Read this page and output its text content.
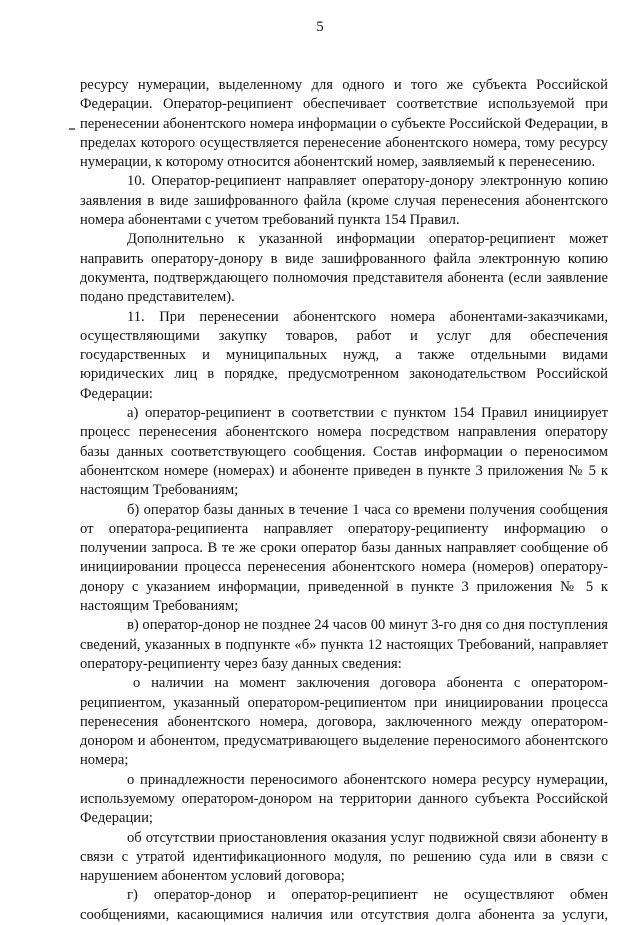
5

ресурсу нумерации, выделенному для одного и того же субъекта Российской Федерации. Оператор-реципиент обеспечивает соответствие используемой при перенесении абонентского номера информации о субъекте Российской Федерации, в пределах которого осуществляется перенесение абонентского номера, тому ресурсу нумерации, к которому относится абонентский номер, заявляемый к перенесению.

10. Оператор-реципиент направляет оператору-донору электронную копию заявления в виде зашифрованного файла (кроме случая перенесения абонентского номера абонентами с учетом требований пункта 154 Правил.

Дополнительно к указанной информации оператор-реципиент может направить оператору-донору в виде зашифрованного файла электронную копию документа, подтверждающего полномочия представителя абонента (если заявление подано представителем).

11. При перенесении абонентского номера абонентами-заказчиками, осуществляющими закупку товаров, работ и услуг для обеспечения государственных и муниципальных нужд, а также отдельными видами юридических лиц в порядке, предусмотренном законодательством Российской Федерации:

а) оператор-реципиент в соответствии с пунктом 154 Правил инициирует процесс перенесения абонентского номера посредством направления оператору базы данных соответствующего сообщения. Состав информации о переносимом абонентском номере (номерах) и абоненте приведен в пункте 3 приложения № 5 к настоящим Требованиям;

б) оператор базы данных в течение 1 часа со времени получения сообщения от оператора-реципиента направляет оператору-реципиенту информацию о получении запроса. В те же сроки оператор базы данных направляет сообщение об инициировании процесса перенесения абонентского номера (номеров) оператору-донору с указанием информации, приведенной в пункте 3 приложения № 5 к настоящим Требованиям;

в) оператор-донор не позднее 24 часов 00 минут 3-го дня со дня поступления сведений, указанных в подпункте «б» пункта 12 настоящих Требований, направляет оператору-реципиенту через базу данных сведения:

о наличии на момент заключения договора абонента с оператором-реципиентом, указанный оператором-реципиентом при инициировании процесса перенесения абонентского номера, договора, заключенного между оператором-донором и абонентом, предусматривающего выделение переносимого абонентского номера;

о принадлежности переносимого абонентского номера ресурсу нумерации, используемому оператором-донором на территории данного субъекта Российской Федерации;

об отсутствии приостановления оказания услуг подвижной связи абоненту в связи с утратой идентификационного модуля, по решению суда или в связи с нарушением абонентом условий договора;

г) оператор-донор и оператор-реципиент не осуществляют обмен сообщениями, касающимися наличия или отсутствия долга абонента за услуги,
